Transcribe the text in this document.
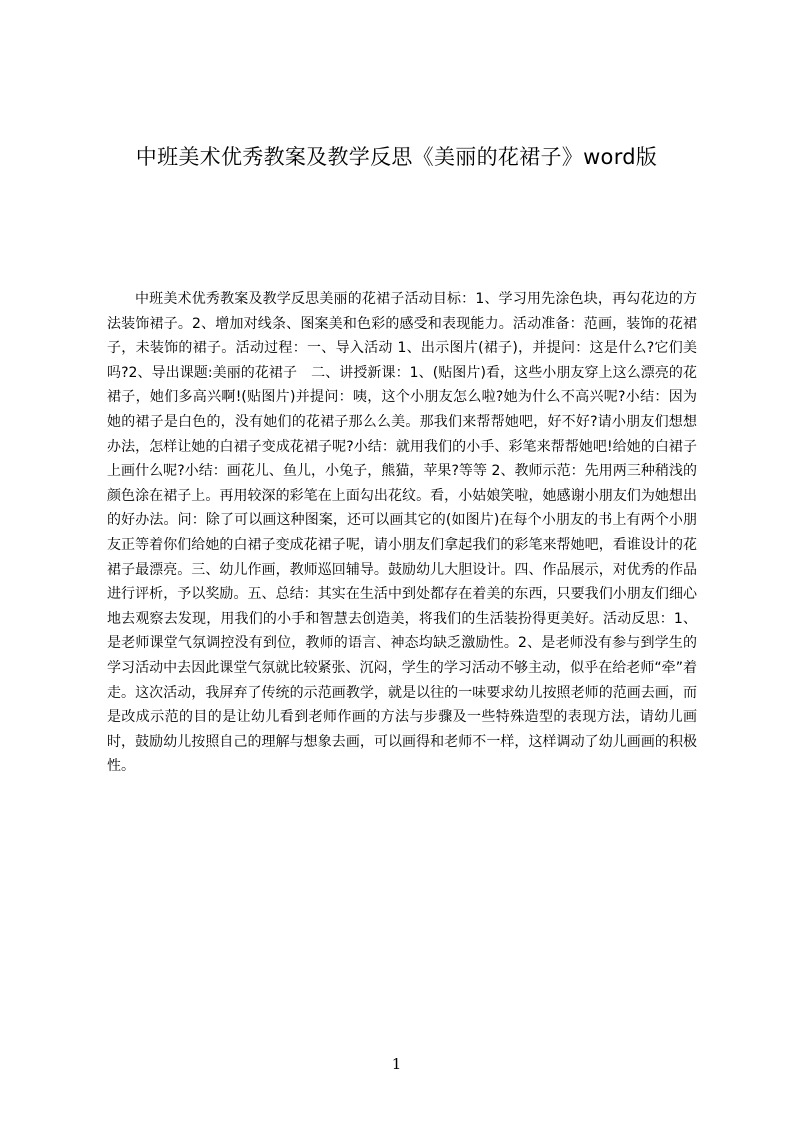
中班美术优秀教案及教学反思《美丽的花裙子》word版

中班美术优秀教案及教学反思美丽的花裙子活动目标：1、学习用先涂色块，再勾花边的方法装饰裙子。2、增加对线条、图案美和色彩的感受和表现能力。活动准备：范画，装饰的花裙子，未装饰的裙子。活动过程：一、导入活动 1、出示图片(裙子)，并提问：这是什么?它们美吗?2、导出课题:美丽的花裙子　二、讲授新课：1、(贴图片)看，这些小朋友穿上这么漂亮的花裙子，她们多高兴啊!(贴图片)并提问：咦，这个小朋友怎么啦?她为什么不高兴呢?小结：因为她的裙子是白色的，没有她们的花裙子那么么美。那我们来帮帮她吧，好不好?请小朋友们想想办法，怎样让她的白裙子变成花裙子呢?小结：就用我们的小手、彩笔来帮帮她吧!给她的白裙子上画什么呢?小结：画花儿、鱼儿，小兔子，熊猫，苹果?等等 2、教师示范：先用两三种稍浅的颜色涂在裙子上。再用较深的彩笔在上面勾出花纹。看，小姑娘笑啦，她感谢小朋友们为她想出的好办法。问：除了可以画这种图案，还可以画其它的(如图片)在每个小朋友的书上有两个小朋友正等着你们给她的白裙子变成花裙子呢，请小朋友们拿起我们的彩笔来帮她吧，看谁设计的花裙子最漂亮。三、幼儿作画，教师巡回辅导。鼓励幼儿大胆设计。四、作品展示，对优秀的作品进行评析，予以奖励。五、总结：其实在生活中到处都存在着美的东西，只要我们小朋友们细心地去观察去发现，用我们的小手和智慧去创造美，将我们的生活装扮得更美好。活动反思：1、是老师课堂气氛调控没有到位，教师的语言、神态均缺乏激励性。2、是老师没有参与到学生的学习活动中去因此课堂气氛就比较紧张、沉闷，学生的学习活动不够主动，似乎在给老师“牵”着走。这次活动，我屏弃了传统的示范画教学，就是以往的一味要求幼儿按照老师的范画去画，而是改成示范的目的是让幼儿看到老师作画的方法与步骤及一些特殊造型的表现方法，请幼儿画时，鼓励幼儿按照自己的理解与想象去画，可以画得和老师不一样，这样调动了幼儿画画的积极性。

1
